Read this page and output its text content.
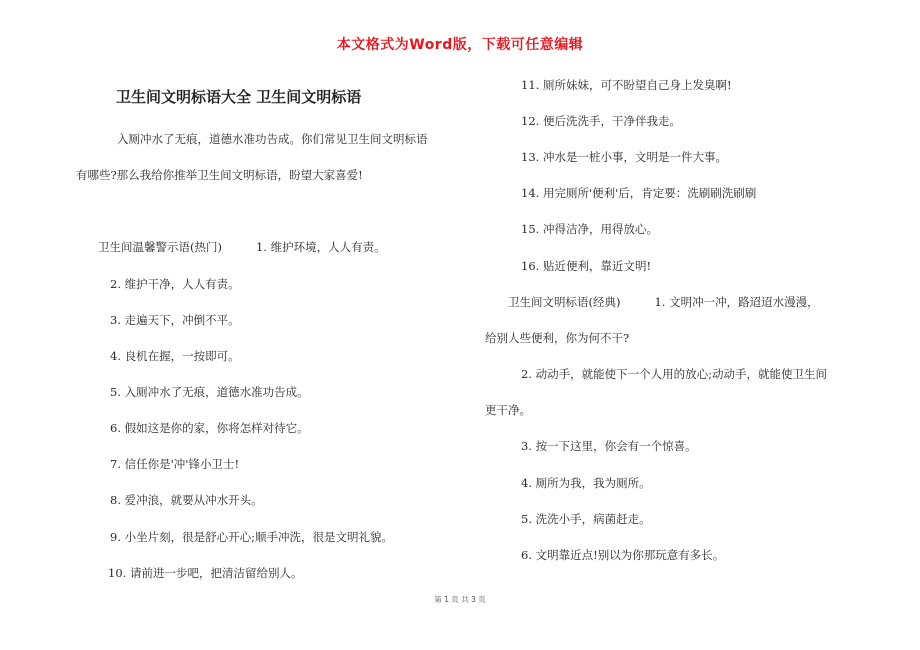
本文格式为Word版，下载可任意编辑
卫生间文明标语大全 卫生间文明标语
入厕冲水了无痕，道德水准功告成。你们常见卫生间文明标语
有哪些?那么我给你推举卫生间文明标语，盼望大家喜爱!
卫生间温馨警示语(热门)	1. 维护环境，人人有责。
2. 维护干净，人人有责。
3. 走遍天下，冲倒不平。
4. 良机在握，一按即可。
5. 入厕冲水了无痕，道德水准功告成。
6. 假如这是你的家，你将怎样对待它。
7. 信任你是'冲'锋小卫士!
8. 爱冲浪，就要从冲水开头。
9. 小坐片刻，很是舒心开心;顺手冲洗，很是文明礼貌。
10. 请前进一步吧，把清洁留给别人。
11. 厕所妹妹，可不盼望自己身上发臭啊!
12. 便后洗洗手，干净伴我走。
13. 冲水是一桩小事，文明是一件大事。
14. 用完厕所'便利'后，肯定要：洗刷刷洗刷刷
15. 冲得洁净，用得放心。
16. 贴近便利，靠近文明!
卫生间文明标语(经典)	1. 文明冲一冲，路迢迢水漫漫，
给别人些便利，你为何不干?
2. 动动手，就能使下一个人用的放心;动动手，就能使卫生间
更干净。
3. 按一下这里，你会有一个惊喜。
4. 厕所为我，我为厕所。
5. 洗洗小手，病菌赶走。
6. 文明靠近点!别以为你那玩意有多长。
第 1 页 共 3 页
